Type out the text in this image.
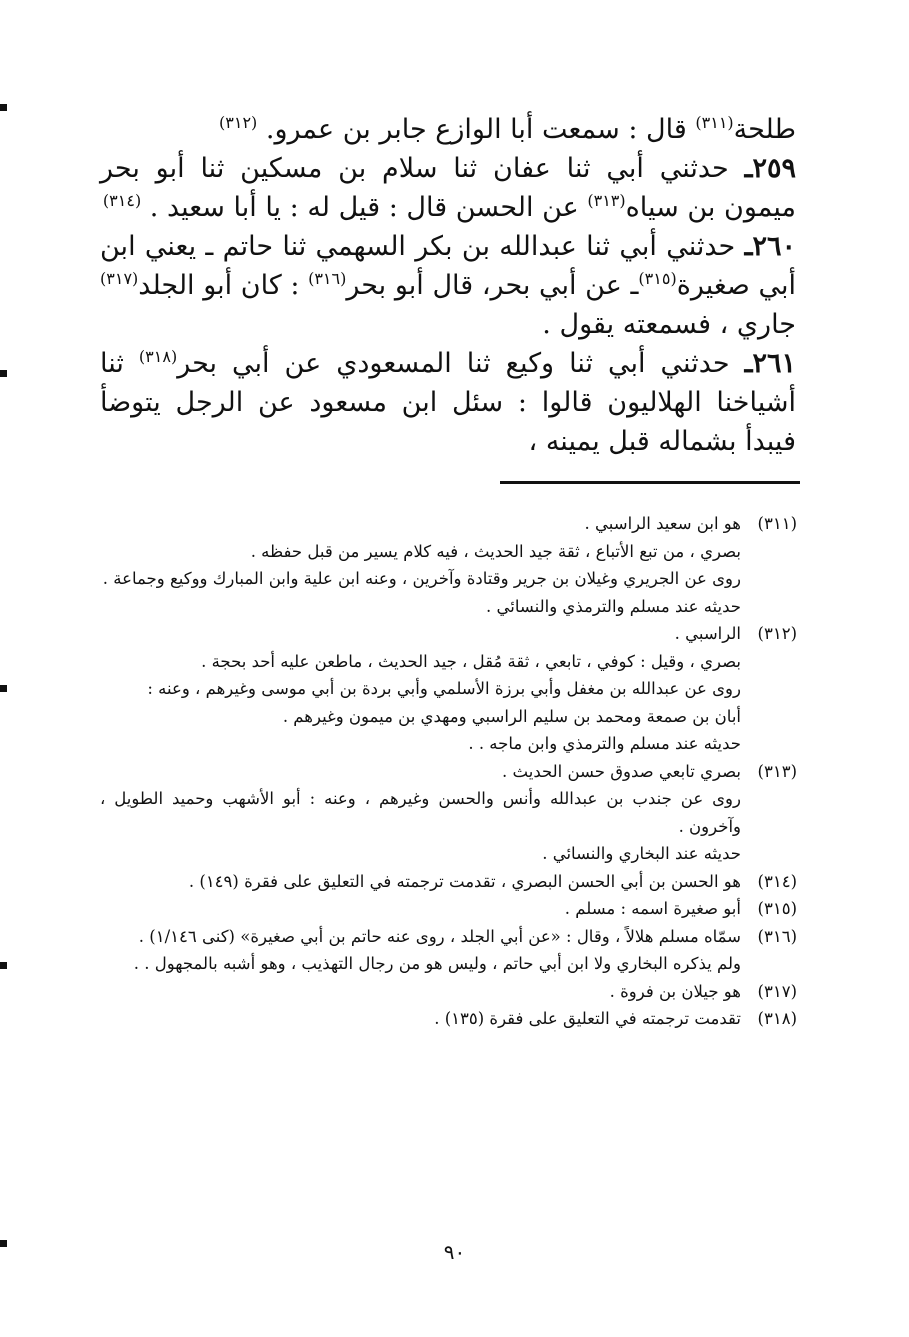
طلحة$^{(٣١١)}$ قال : سمعت أبا الوازع جابر بن عمرو. $^{(٣١٢)}$

٢٥٩ـ حدثني أبي ثنا عفان ثنا سلام بن مسكين ثنا أبو بحر ميمون بن سياه$^{(٣١٣)}$ عن الحسن قال : قيل له : يا أبا سعيد . $^{(٣١٤)}$

٢٦٠ـ حدثني أبي ثنا عبدالله بن بكر السهمي ثنا حاتم ـ يعني ابن أبي صغيرة$^{(٣١٥)}$ـ عن أبي بحر، قال أبو بحر$^{(٣١٦)}$ : كان أبو الجلد$^{(٣١٧)}$ جاري ، فسمعته يقول .

٢٦١ـ حدثني أبي ثنا وكيع ثنا المسعودي عن أبي بحر$^{(٣١٨)}$ ثنا أشياخنا الهلاليون قالوا : سئل ابن مسعود عن الرجل يتوضأ فيبدأ بشماله قبل يمينه ،

(٣١١)
هو ابن سعيد الراسبي .
بصري ، من تبع الأتباع ، ثقة جيد الحديث ، فيه كلام يسير من قبل حفظه .
روى عن الجريري وغيلان بن جرير وقتادة وآخرين ، وعنه ابن علية وابن المبارك ووكيع وجماعة .
حديثه عند مسلم والترمذي والنسائي .
(٣١٢)
الراسبي .
بصري ، وقيل : كوفي ، تابعي ، ثقة مُقل ، جيد الحديث ، ماطعن عليه أحد بحجة .
روى عن عبدالله بن مغفل وأبي برزة الأسلمي وأبي بردة بن أبي موسى وغيرهم ، وعنه :
أبان بن صمعة ومحمد بن سليم الراسبي ومهدي بن ميمون وغيرهم .
حديثه عند مسلم والترمذي وابن ماجه . .
(٣١٣)
بصري تابعي صدوق حسن الحديث .
روى عن جندب بن عبدالله وأنس والحسن وغيرهم ، وعنه : أبو الأشهب وحميد الطويل ، وآخرون .
حديثه عند البخاري والنسائي .
(٣١٤)
هو الحسن بن أبي الحسن البصري ، تقدمت ترجمته في التعليق على فقرة (١٤٩) .
(٣١٥)
أبو صغيرة اسمه : مسلم .
(٣١٦)
سمّاه مسلم هلالاً ، وقال : «عن أبي الجلد ، روى عنه حاتم بن أبي صغيرة» (كنى ١/١٤٦) .
ولم يذكره البخاري ولا ابن أبي حاتم ، وليس هو من رجال التهذيب ، وهو أشبه بالمجهول . .
(٣١٧)
هو جيلان بن فروة .
(٣١٨)
تقدمت ترجمته في التعليق على فقرة (١٣٥) .
٩٠
